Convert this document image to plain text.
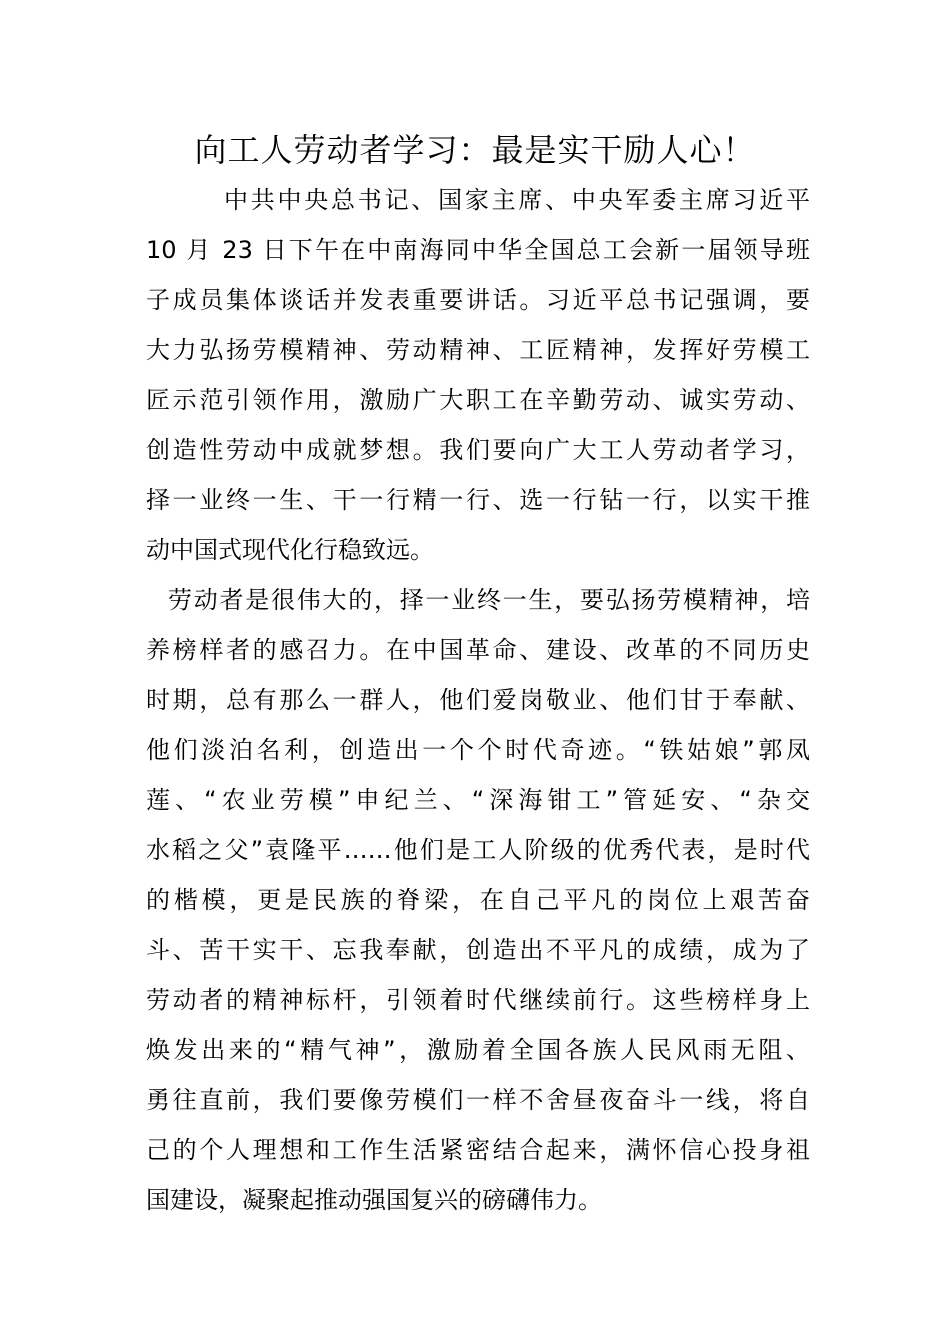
向工人劳动者学习：最是实干励人心！
中共中央总书记、国家主席、中央军委主席习近平
10 月 23 日下午在中南海同中华全国总工会新一届领导班
子成员集体谈话并发表重要讲话。习近平总书记强调，要
大力弘扬劳模精神、劳动精神、工匠精神，发挥好劳模工
匠示范引领作用，激励广大职工在辛勤劳动、诚实劳动、
创造性劳动中成就梦想。我们要向广大工人劳动者学习，
择一业终一生、干一行精一行、选一行钻一行，以实干推
动中国式现代化行稳致远。
劳动者是很伟大的，择一业终一生，要弘扬劳模精神，培
养榜样者的感召力。在中国革命、建设、改革的不同历史
时期，总有那么一群人，他们爱岗敬业、他们甘于奉献、
他们淡泊名利，创造出一个个时代奇迹。“铁姑娘”郭凤
莲、“农业劳模”申纪兰、“深海钳工”管延安、“杂交
水稻之父”袁隆平……他们是工人阶级的优秀代表，是时代
的楷模，更是民族的脊梁，在自己平凡的岗位上艰苦奋
斗、苦干实干、忘我奉献，创造出不平凡的成绩，成为了
劳动者的精神标杆，引领着时代继续前行。这些榜样身上
焕发出来的“精气神”，激励着全国各族人民风雨无阻、
勇往直前，我们要像劳模们一样不舍昼夜奋斗一线，将自
己的个人理想和工作生活紧密结合起来，满怀信心投身祖
国建设，凝聚起推动强国复兴的磅礴伟力。
